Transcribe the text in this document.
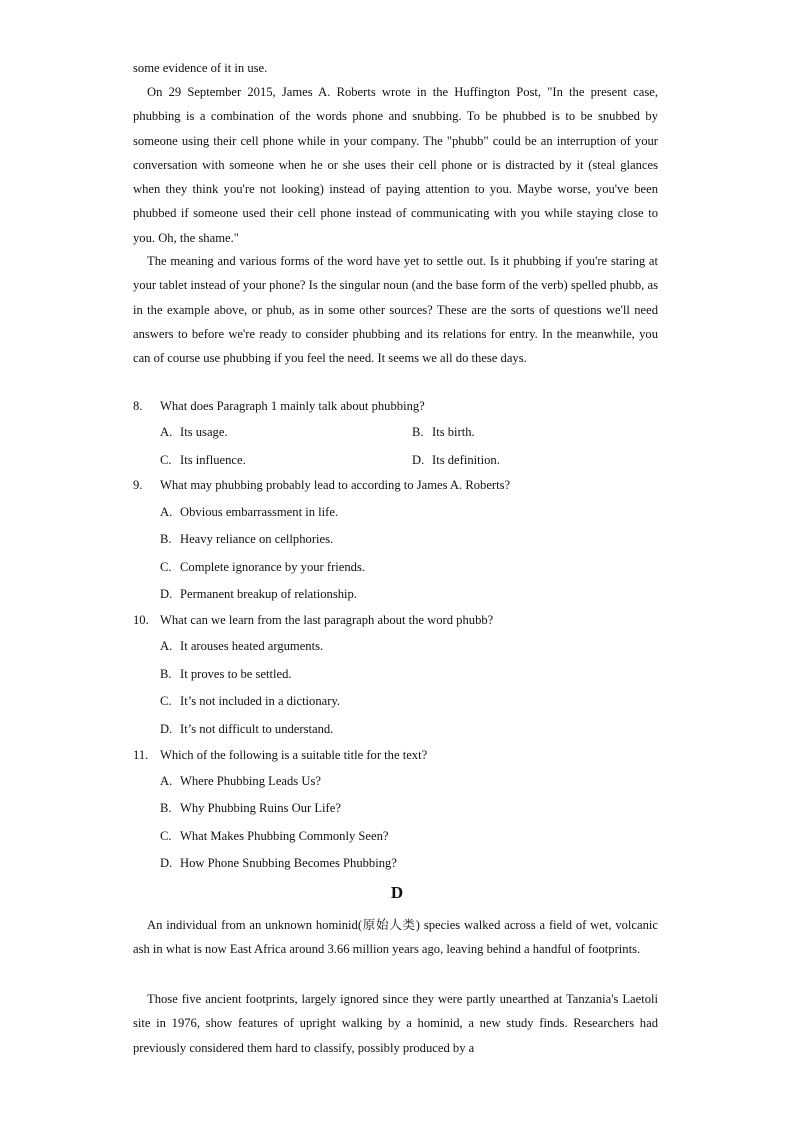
some evidence of it in use.

On 29 September 2015, James A. Roberts wrote in the Huffington Post, "In the present case, phubbing is a combination of the words phone and snubbing. To be phubbed is to be snubbed by someone using their cell phone while in your company. The "phubb" could be an interruption of your conversation with someone when he or she uses their cell phone or is distracted by it (steal glances when they think you're not looking) instead of paying attention to you. Maybe worse, you've been phubbed if someone used their cell phone instead of communicating with you while staying close to you. Oh, the shame."

The meaning and various forms of the word have yet to settle out. Is it phubbing if you're staring at your tablet instead of your phone? Is the singular noun (and the base form of the verb) spelled phubb, as in the example above, or phub, as in some other sources? These are the sorts of questions we'll need answers to before we're ready to consider phubbing and its relations for entry. In the meanwhile, you can of course use phubbing if you feel the need. It seems we all do these days.

8. What does Paragraph 1 mainly talk about phubbing?
A. Its usage.	B. Its birth.
C. Its influence.	D. Its definition.
9. What may phubbing probably lead to according to James A. Roberts?
A. Obvious embarrassment in life.
B. Heavy reliance on cellphories.
C. Complete ignorance by your friends.
D. Permanent breakup of relationship.
10. What can we learn from the last paragraph about the word phubb?
A. It arouses heated arguments.
B. It proves to be settled.
C. It’s not included in a dictionary.
D. It’s not difficult to understand.
11. Which of the following is a suitable title for the text?
A. Where Phubbing Leads Us?
B. Why Phubbing Ruins Our Life?
C. What Makes Phubbing Commonly Seen?
D. How Phone Snubbing Becomes Phubbing?
D

An individual from an unknown hominid(原始人类) species walked across a field of wet, volcanic ash in what is now East Africa around 3.66 million years ago, leaving behind a handful of footprints.

Those five ancient footprints, largely ignored since they were partly unearthed at Tanzania's Laetoli site in 1976, show features of upright walking by a hominid, a new study finds. Researchers had previously considered them hard to classify, possibly produced by a
